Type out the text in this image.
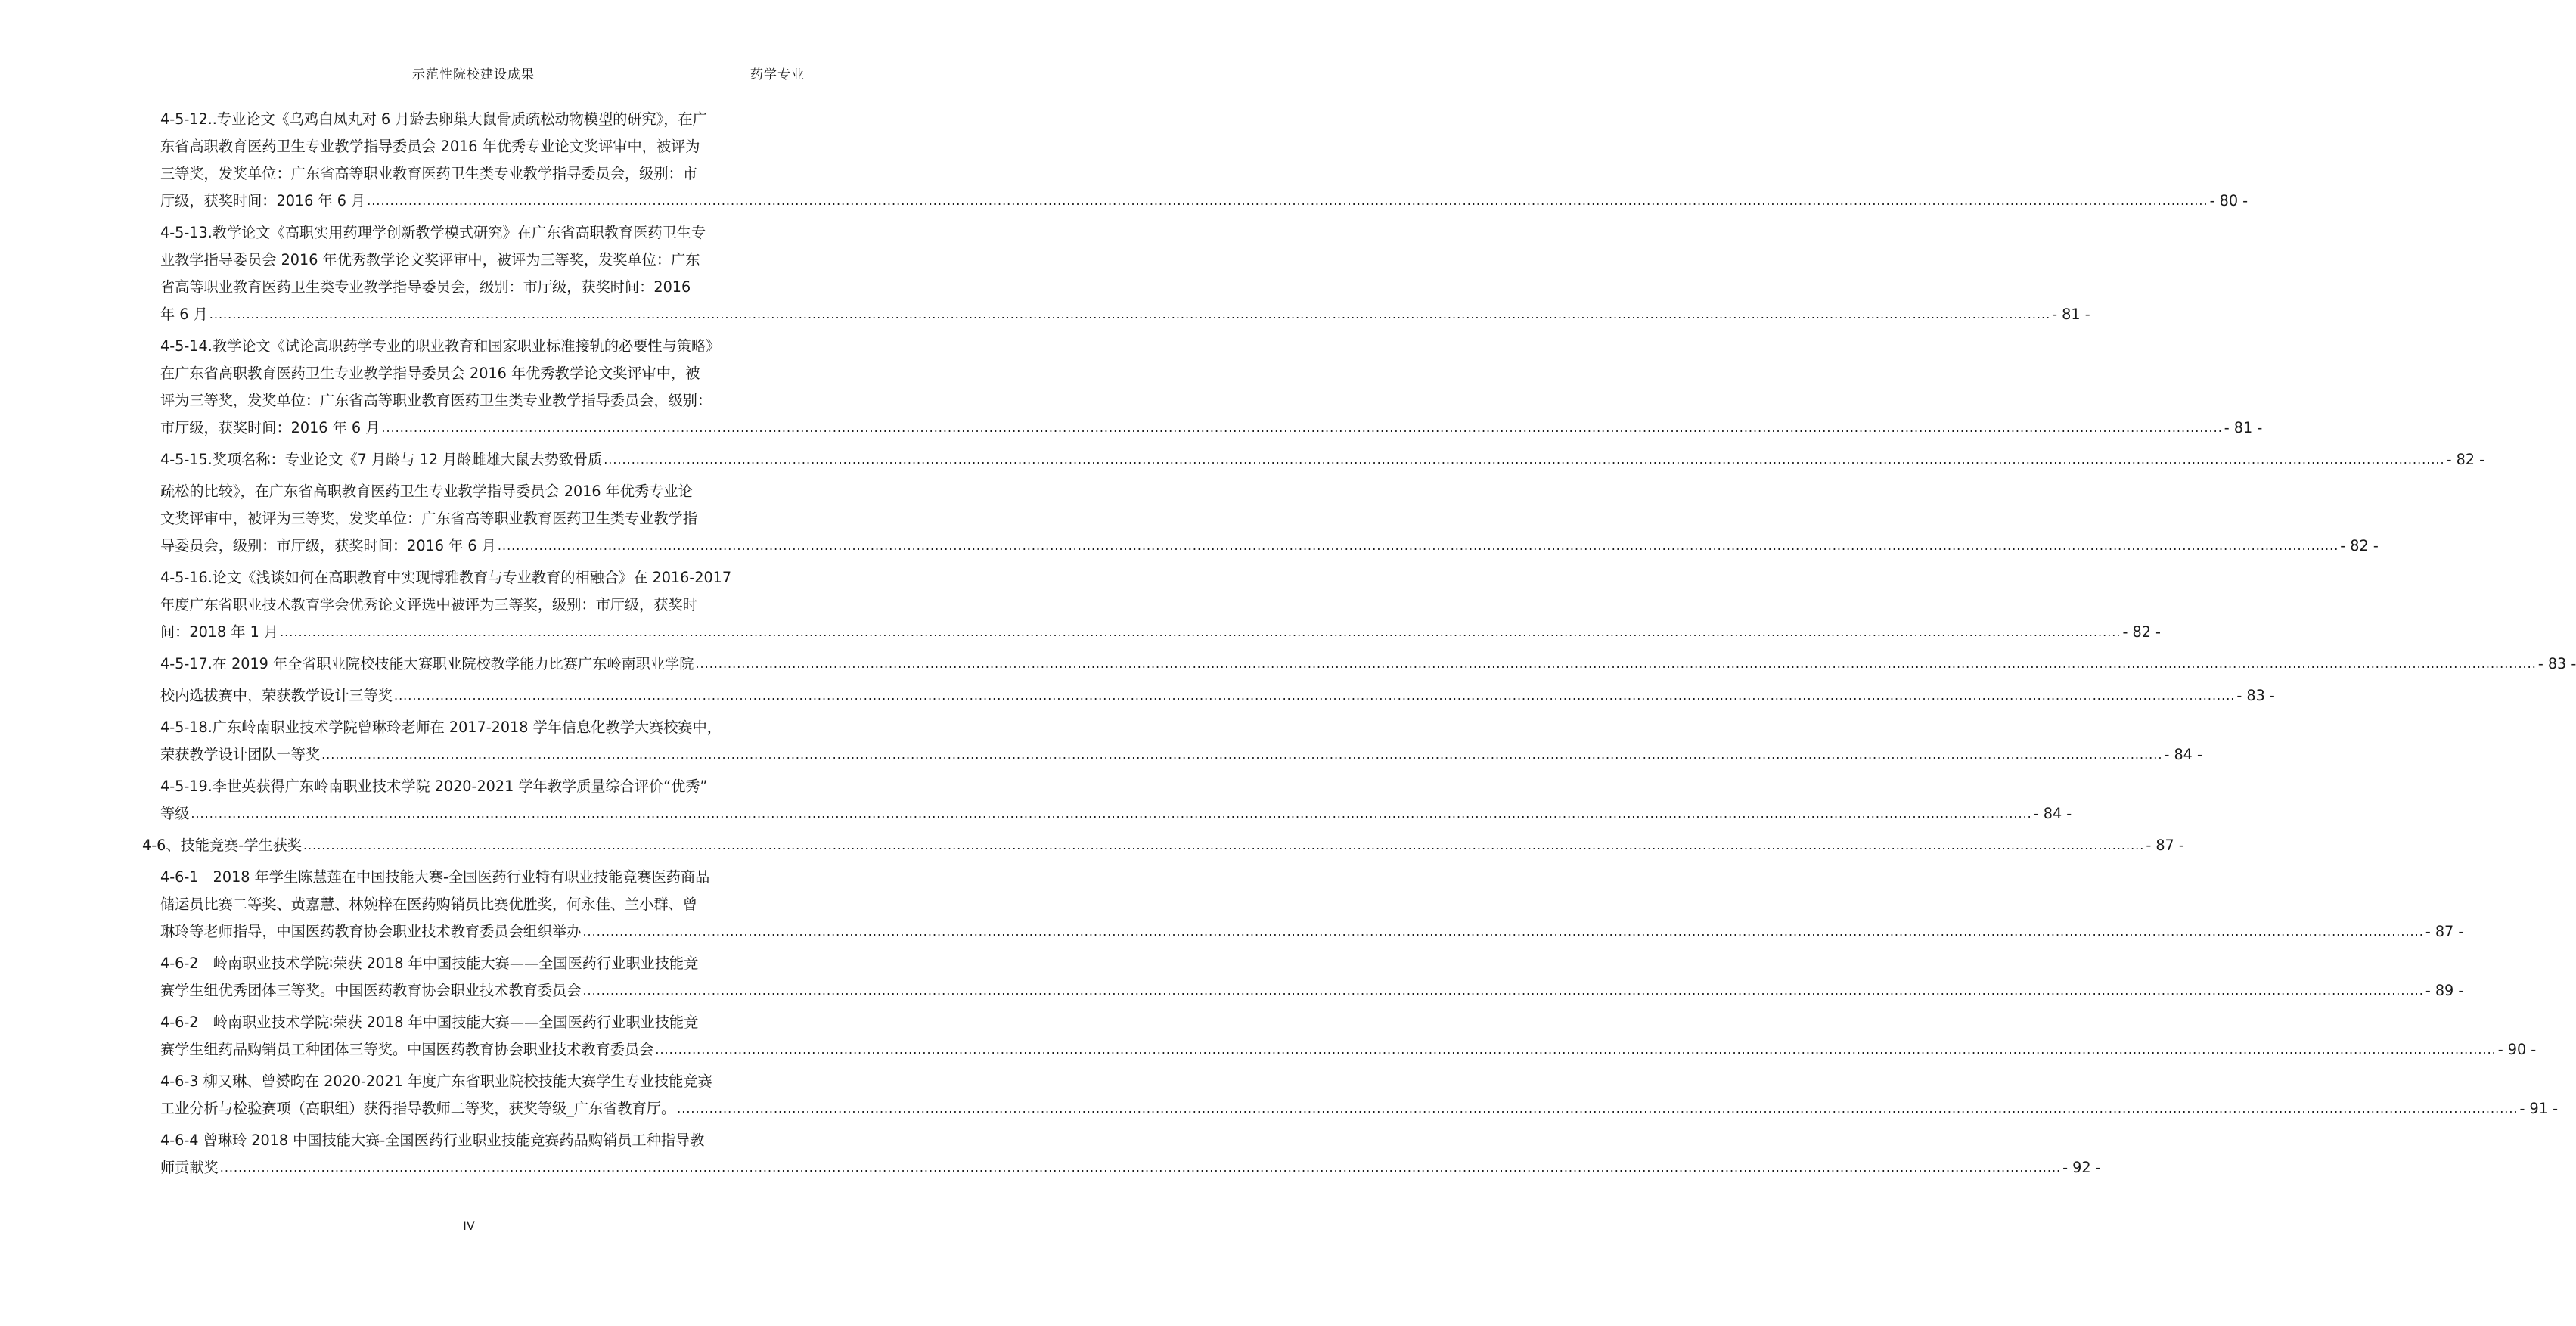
示范性院校建设成果	药学专业
4-5-12..专业论文《乌鸡白凤丸对 6 月龄去卵巢大鼠骨质疏松动物模型的研究》，在广
东省高职教育医药卫生专业教学指导委员会 2016 年优秀专业论文奖评审中，被评为
三等奖，发奖单位：广东省高等职业教育医药卫生类专业教学指导委员会，级别：市
厅级，获奖时间：2016 年 6 月 ................................................................................................................................................................................................................................................................................................................................................................................................................ - 80 -
4-5-13.教学论文《高职实用药理学创新教学模式研究》在广东省高职教育医药卫生专
业教学指导委员会 2016 年优秀教学论文奖评审中，被评为三等奖，发奖单位：广东
省高等职业教育医药卫生类专业教学指导委员会，级别：市厅级，获奖时间：2016
年 6 月 ................................................................................................................................................................................................................................................................................................................................................................................................................ - 81 -
4-5-14.教学论文《试论高职药学专业的职业教育和国家职业标准接轨的必要性与策略》
在广东省高职教育医药卫生专业教学指导委员会 2016 年优秀教学论文奖评审中，被
评为三等奖，发奖单位：广东省高等职业教育医药卫生类专业教学指导委员会，级别：
市厅级，获奖时间：2016 年 6 月 ................................................................................................................................................................................................................................................................................................................................................................................................................ - 81 -
4-5-15.奖项名称：专业论文《7 月龄与 12 月龄雌雄大鼠去势致骨质 ................................................................................................................................................................................................................................................................................................................................................................................................................ - 82 -
疏松的比较》，在广东省高职教育医药卫生专业教学指导委员会 2016 年优秀专业论
文奖评审中，被评为三等奖，发奖单位：广东省高等职业教育医药卫生类专业教学指
导委员会，级别：市厅级，获奖时间：2016 年 6 月 ................................................................................................................................................................................................................................................................................................................................................................................................................ - 82 -
4-5-16.论文《浅谈如何在高职教育中实现博雅教育与专业教育的相融合》在 2016-2017
年度广东省职业技术教育学会优秀论文评选中被评为三等奖，级别：市厅级，获奖时
间：2018 年 1 月 ................................................................................................................................................................................................................................................................................................................................................................................................................ - 82 -
4-5-17.在 2019 年全省职业院校技能大赛职业院校教学能力比赛广东岭南职业学院 ................................................................................................................................................................................................................................................................................................................................................................................................................ - 83 -
校内选拔赛中，荣获教学设计三等奖 ................................................................................................................................................................................................................................................................................................................................................................................................................ - 83 -
4-5-18.广东岭南职业技术学院曾琳玲老师在 2017-2018 学年信息化教学大赛校赛中，
荣获教学设计团队一等奖 ................................................................................................................................................................................................................................................................................................................................................................................................................ - 84 -
4-5-19.李世英获得广东岭南职业技术学院 2020-2021 学年教学质量综合评价“优秀”
等级 ................................................................................................................................................................................................................................................................................................................................................................................................................ - 84 -
4-6、技能竞赛-学生获奖 ................................................................................................................................................................................................................................................................................................................................................................................................................ - 87 -
4-6-1　2018 年学生陈慧莲在中国技能大赛-全国医药行业特有职业技能竞赛医药商品
储运员比赛二等奖、黄嘉慧、林婉梓在医药购销员比赛优胜奖，何永佳、兰小群、曾
琳玲等老师指导，中国医药教育协会职业技术教育委员会组织举办 ................................................................................................................................................................................................................................................................................................................................................................................................................ - 87 -
4-6-2　岭南职业技术学院∶荣获 2018 年中国技能大赛——全国医药行业职业技能竞
赛学生组优秀团体三等奖。中国医药教育协会职业技术教育委员会 ................................................................................................................................................................................................................................................................................................................................................................................................................ - 89 -
4-6-2　岭南职业技术学院∶荣获 2018 年中国技能大赛——全国医药行业职业技能竞
赛学生组药品购销员工种团体三等奖。中国医药教育协会职业技术教育委员会 ................................................................................................................................................................................................................................................................................................................................................................................................................ - 90 -
4-6-3 柳又琳、曾赟昀在 2020-2021 年度广东省职业院校技能大赛学生专业技能竞赛
工业分析与检验赛项（高职组）获得指导教师二等奖，获奖等级_广东省教育厅。 ................................................................................................................................................................................................................................................................................................................................................................................................................ - 91 -
4-6-4 曾琳玲 2018 中国技能大赛-全国医药行业职业技能竞赛药品购销员工种指导教
师贡献奖 ................................................................................................................................................................................................................................................................................................................................................................................................................ - 92 -
IV
